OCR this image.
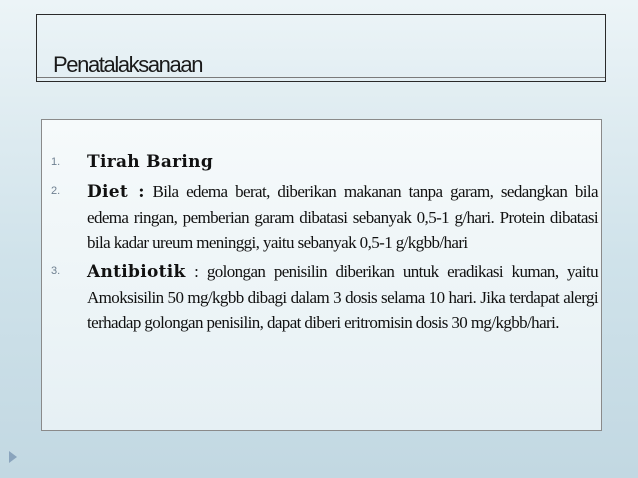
Penatalaksanaan
1. Tirah Baring
2. Diet : Bila edema berat, diberikan makanan tanpa garam, sedangkan bila edema ringan, pemberian garam dibatasi sebanyak 0,5-1 g/hari. Protein dibatasi bila kadar ureum meninggi, yaitu sebanyak 0,5-1 g/kgbb/hari
3. Antibiotik : golongan penisilin diberikan untuk eradikasi kuman, yaitu Amoksisilin 50 mg/kgbb dibagi dalam 3 dosis selama 10 hari. Jika terdapat alergi terhadap golongan penisilin, dapat diberi eritromisin dosis 30 mg/kgbb/hari.
